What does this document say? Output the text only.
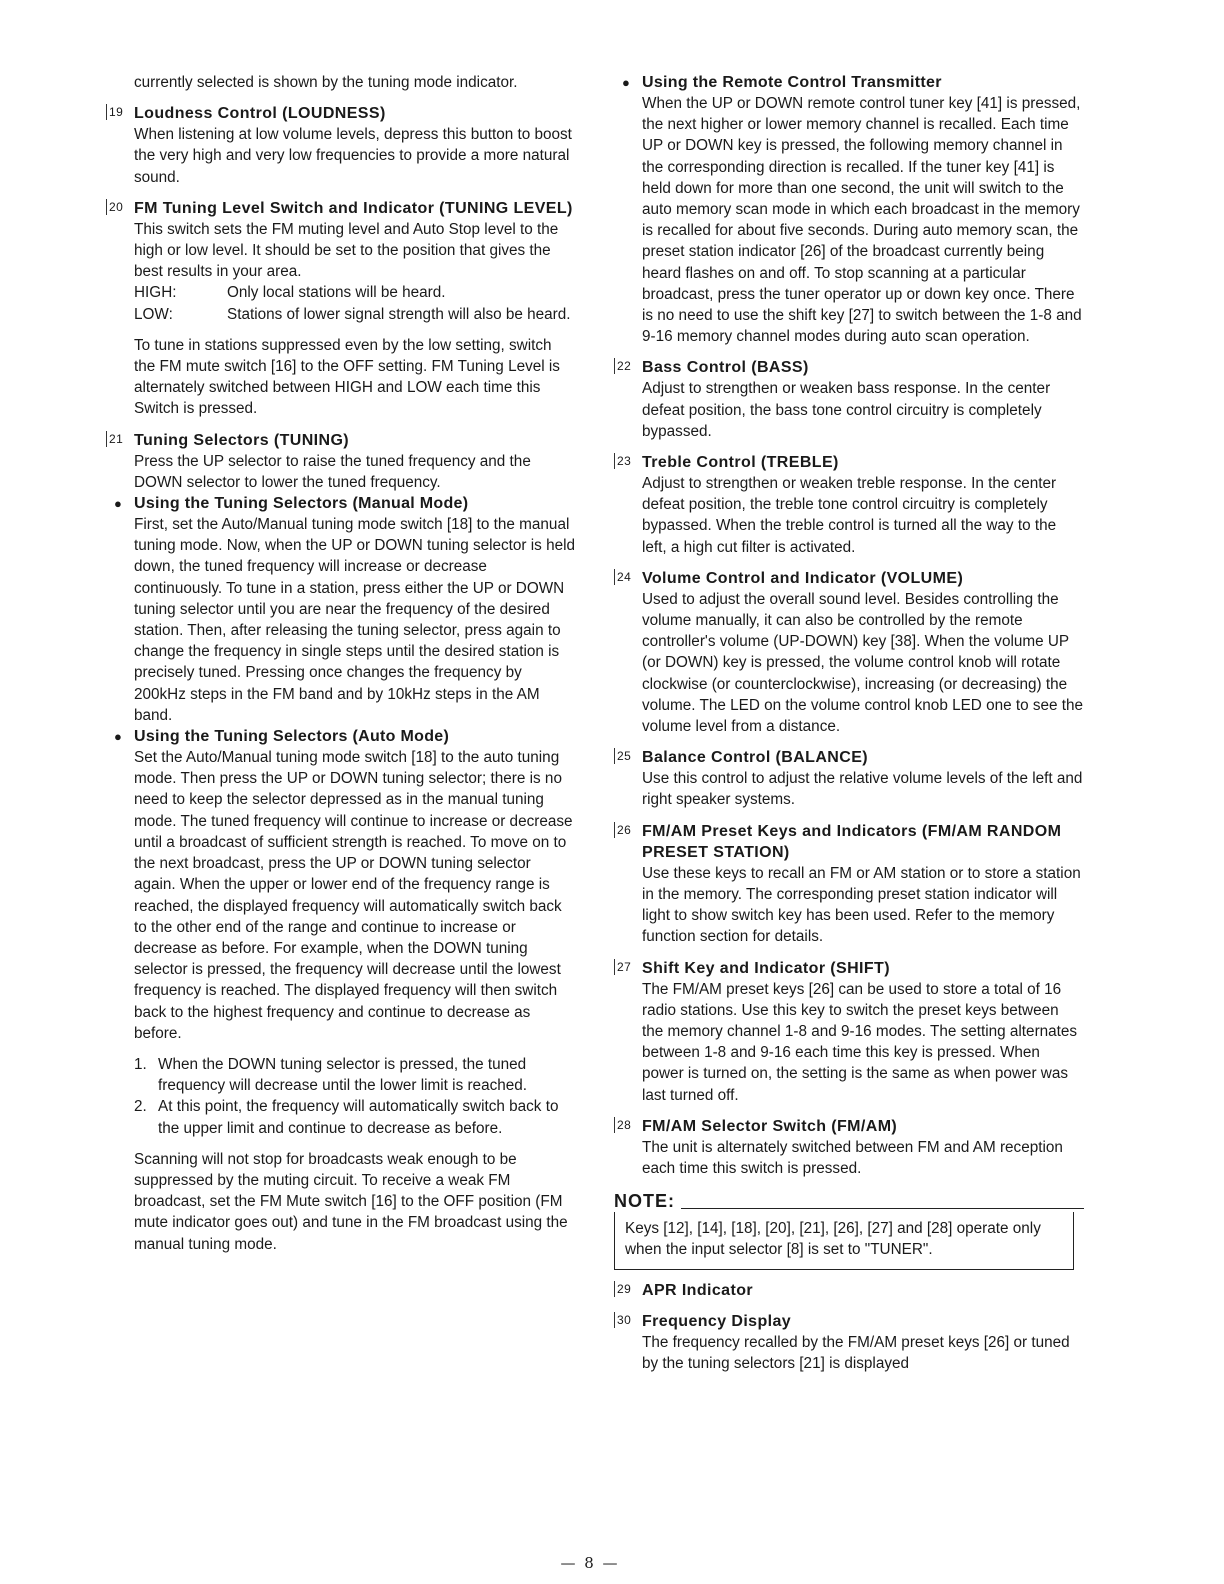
currently selected is shown by the tuning mode indicator.

19 Loudness Control (LOUDNESS)

When listening at low volume levels, depress this button to boost the very high and very low frequencies to provide a more natural sound.

20 FM Tuning Level Switch and Indicator (TUNING LEVEL)

This switch sets the FM muting level and Auto Stop level to the high or low level. It should be set to the position that gives the best results in your area.

HIGH:	Only local stations will be heard.
LOW:	Stations of lower signal strength will also be heard.

To tune in stations suppressed even by the low setting, switch the FM mute switch [16] to the OFF setting. FM Tuning Level is alternately switched between HIGH and LOW each time this Switch is pressed.

21 Tuning Selectors (TUNING)

Press the UP selector to raise the tuned frequency and the DOWN selector to lower the tuned frequency.

● Using the Tuning Selectors (Manual Mode)

First, set the Auto/Manual tuning mode switch [18] to the manual tuning mode. Now, when the UP or DOWN tuning selector is held down, the tuned frequency will increase or decrease continuously. To tune in a station, press either the UP or DOWN tuning selector until you are near the frequency of the desired station. Then, after releasing the tuning selector, press again to change the frequency in single steps until the desired station is precisely tuned. Pressing once changes the frequency by 200kHz steps in the FM band and by 10kHz steps in the AM band.

● Using the Tuning Selectors (Auto Mode)

Set the Auto/Manual tuning mode switch [18] to the auto tuning mode. Then press the UP or DOWN tuning selector; there is no need to keep the selector depressed as in the manual tuning mode. The tuned frequency will continue to increase or decrease until a broadcast of sufficient strength is reached. To move on to the next broadcast, press the UP or DOWN tuning selector again. When the upper or lower end of the frequency range is reached, the displayed frequency will automatically switch back to the other end of the range and continue to increase or decrease as before. For example, when the DOWN tuning selector is pressed, the frequency will decrease until the lowest frequency is reached. The displayed frequency will then switch back to the highest frequency and continue to decrease as before.

1. When the DOWN tuning selector is pressed, the tuned frequency will decrease until the lower limit is reached.
2. At this point, the frequency will automatically switch back to the upper limit and continue to decrease as before.

Scanning will not stop for broadcasts weak enough to be suppressed by the muting circuit. To receive a weak FM broadcast, set the FM Mute switch [16] to the OFF position (FM mute indicator goes out) and tune in the FM broadcast using the manual tuning mode.

● Using the Remote Control Transmitter

When the UP or DOWN remote control tuner key [41] is pressed, the next higher or lower memory channel is recalled. Each time UP or DOWN key is pressed, the following memory channel in the corresponding direction is recalled. If the tuner key [41] is held down for more than one second, the unit will switch to the auto memory scan mode in which each broadcast in the memory is recalled for about five seconds. During auto memory scan, the preset station indicator [26] of the broadcast currently being heard flashes on and off. To stop scanning at a particular broadcast, press the tuner operator up or down key once. There is no need to use the shift key [27] to switch between the 1-8 and 9-16 memory channel modes during auto scan operation.

22 Bass Control (BASS)

Adjust to strengthen or weaken bass response. In the center defeat position, the bass tone control circuitry is completely bypassed.

23 Treble Control (TREBLE)

Adjust to strengthen or weaken treble response. In the center defeat position, the treble tone control circuitry is completely bypassed. When the treble control is turned all the way to the left, a high cut filter is activated.

24 Volume Control and Indicator (VOLUME)

Used to adjust the overall sound level. Besides controlling the volume manually, it can also be controlled by the remote controller's volume (UP-DOWN) key [38]. When the volume UP (or DOWN) key is pressed, the volume control knob will rotate clockwise (or counterclockwise), increasing (or decreasing) the volume. The LED on the volume control knob LED one to see the volume level from a distance.

25 Balance Control (BALANCE)

Use this control to adjust the relative volume levels of the left and right speaker systems.

26 FM/AM Preset Keys and Indicators (FM/AM RANDOM PRESET STATION)

Use these keys to recall an FM or AM station or to store a station in the memory. The corresponding preset station indicator will light to show switch key has been used. Refer to the memory function section for details.

27 Shift Key and Indicator (SHIFT)

The FM/AM preset keys [26] can be used to store a total of 16 radio stations. Use this key to switch the preset keys between the memory channel 1-8 and 9-16 modes. The setting alternates between 1-8 and 9-16 each time this key is pressed. When power is turned on, the setting is the same as when power was last turned off.

28 FM/AM Selector Switch (FM/AM)

The unit is alternately switched between FM and AM reception each time this switch is pressed.

NOTE:
Keys [12], [14], [18], [20], [21], [26], [27] and [28] operate only when the input selector [8] is set to "TUNER".
29 APR Indicator
30 Frequency Display

The frequency recalled by the FM/AM preset keys [26] or tuned by the tuning selectors [21] is displayed

— 8 —
